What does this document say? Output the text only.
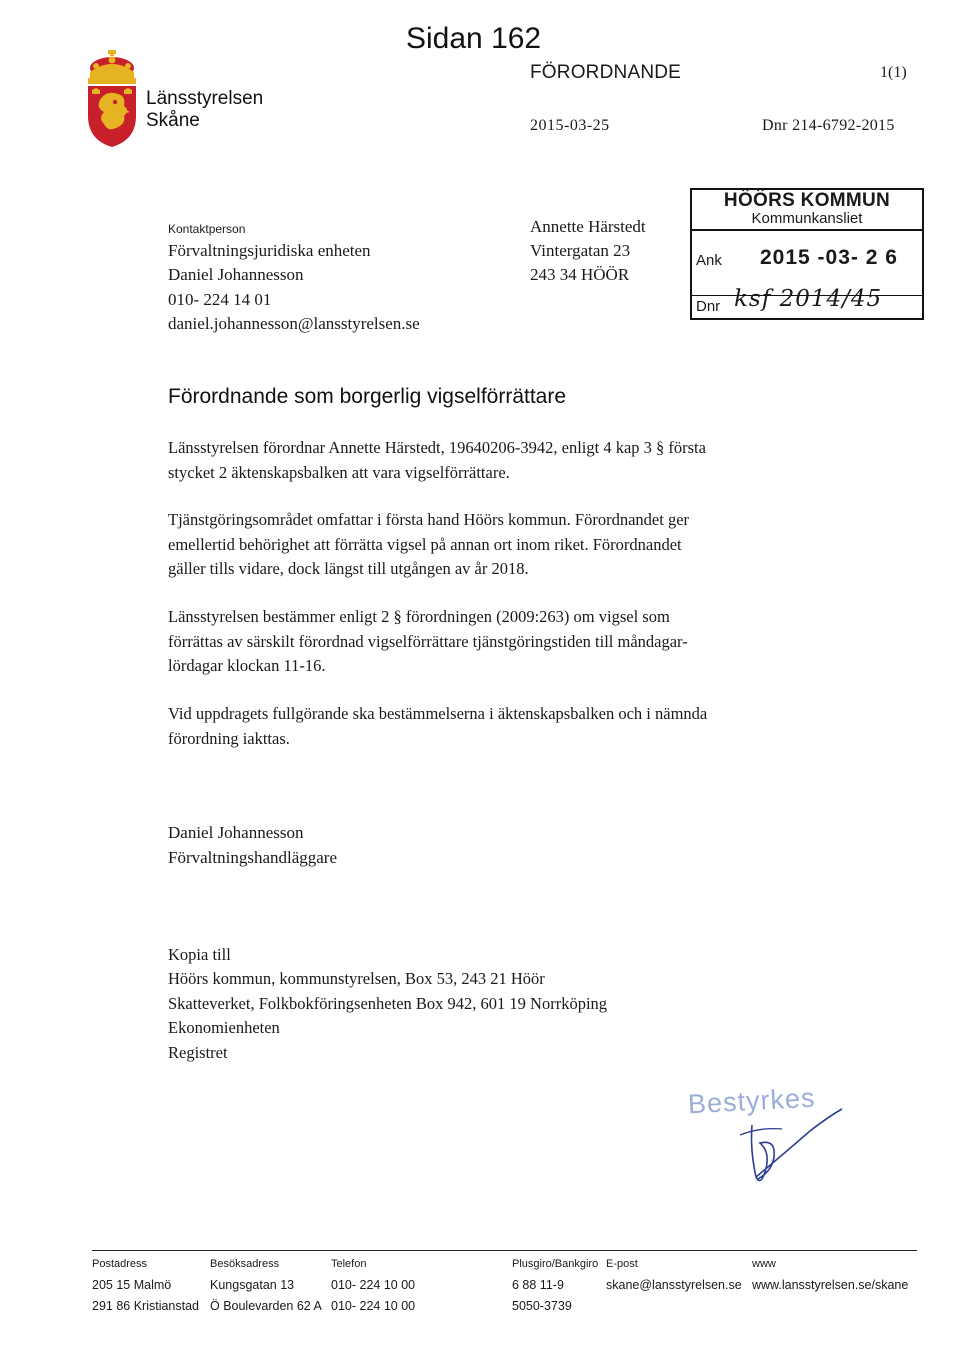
Sidan 162
Länsstyrelsen
Skåne
FÖRORDNANDE	1(1)
2015-03-25	Dnr 214-6792-2015
Kontaktperson
Förvaltningsjuridiska enheten
Daniel Johannesson
010- 224 14 01
daniel.johannesson@lansstyrelsen.se
Annette Härstedt
Vintergatan 23
243 34 HÖÖR
HÖÖRS KOMMUN
Kommunkansliet
Ank 2015 -03- 2 6
Dnr ksf 2014/45
Förordnande som borgerlig vigselförrättare
Länsstyrelsen förordnar Annette Härstedt, 19640206-3942, enligt 4 kap 3 § första
stycket 2 äktenskapsbalken att vara vigselförrättare.
Tjänstgöringsområdet omfattar i första hand Höörs kommun. Förordnandet ger
emellertid behörighet att förrätta vigsel på annan ort inom riket. Förordnandet
gäller tills vidare, dock längst till utgången av år 2018.
Länsstyrelsen bestämmer enligt 2 § förordningen (2009:263) om vigsel som
förrättas av särskilt förordnad vigselförrättare tjänstgöringstiden till måndagar-
lördagar klockan 11-16.
Vid uppdragets fullgörande ska bestämmelserna i äktenskapsbalken och i nämnda
förordning iakttas.
Daniel Johannesson
Förvaltningshandläggare
Kopia till
Höörs kommun, kommunstyrelsen, Box 53, 243 21 Höör
Skatteverket, Folkbokföringsenheten Box 942, 601 19 Norrköping
Ekonomienheten
Registret
Bestyrkes
Postadress
205 15 Malmö
291 86 Kristianstad
Besöksadress
Kungsgatan 13
Ö Boulevarden 62 A
Telefon
010- 224 10 00
010- 224 10 00
Plusgiro/Bankgiro
6 88 11-9
5050-3739
E-post
skane@lansstyrelsen.se
www
www.lansstyrelsen.se/skane
